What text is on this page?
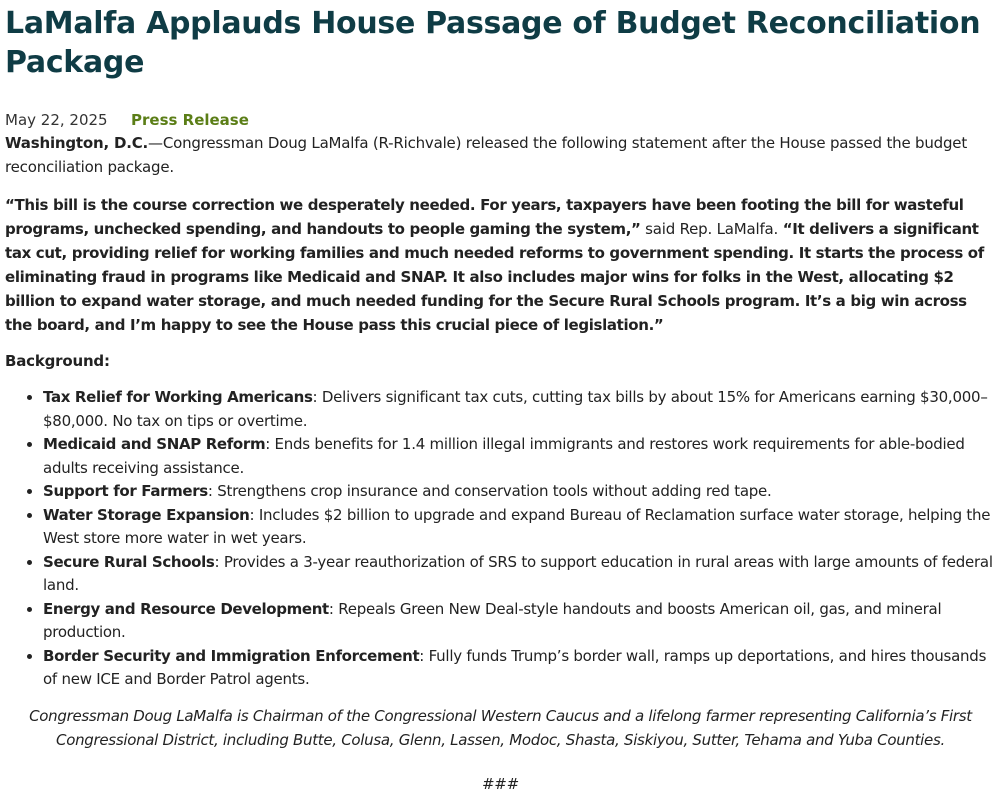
LaMalfa Applauds House Passage of Budget Reconciliation Package
May 22, 2025 Press Release

Washington, D.C.—Congressman Doug LaMalfa (R-Richvale) released the following statement after the House passed the budget reconciliation package.

“This bill is the course correction we desperately needed. For years, taxpayers have been footing the bill for wasteful programs, unchecked spending, and handouts to people gaming the system,” said Rep. LaMalfa. “It delivers a significant tax cut, providing relief for working families and much needed reforms to government spending. It starts the process of eliminating fraud in programs like Medicaid and SNAP. It also includes major wins for folks in the West, allocating $2 billion to expand water storage, and much needed funding for the Secure Rural Schools program. It’s a big win across the board, and I’m happy to see the House pass this crucial piece of legislation.”

Background:

• Tax Relief for Working Americans: Delivers significant tax cuts, cutting tax bills by about 15% for Americans earning $30,000–$80,000. No tax on tips or overtime.
• Medicaid and SNAP Reform: Ends benefits for 1.4 million illegal immigrants and restores work requirements for able-bodied adults receiving assistance.
• Support for Farmers: Strengthens crop insurance and conservation tools without adding red tape.
• Water Storage Expansion: Includes $2 billion to upgrade and expand Bureau of Reclamation surface water storage, helping the West store more water in wet years.
• Secure Rural Schools: Provides a 3-year reauthorization of SRS to support education in rural areas with large amounts of federal land.
• Energy and Resource Development: Repeals Green New Deal-style handouts and boosts American oil, gas, and mineral production.
• Border Security and Immigration Enforcement: Fully funds Trump’s border wall, ramps up deportations, and hires thousands of new ICE and Border Patrol agents.

Congressman Doug LaMalfa is Chairman of the Congressional Western Caucus and a lifelong farmer representing California’s First Congressional District, including Butte, Colusa, Glenn, Lassen, Modoc, Shasta, Siskiyou, Sutter, Tehama and Yuba Counties.

###
